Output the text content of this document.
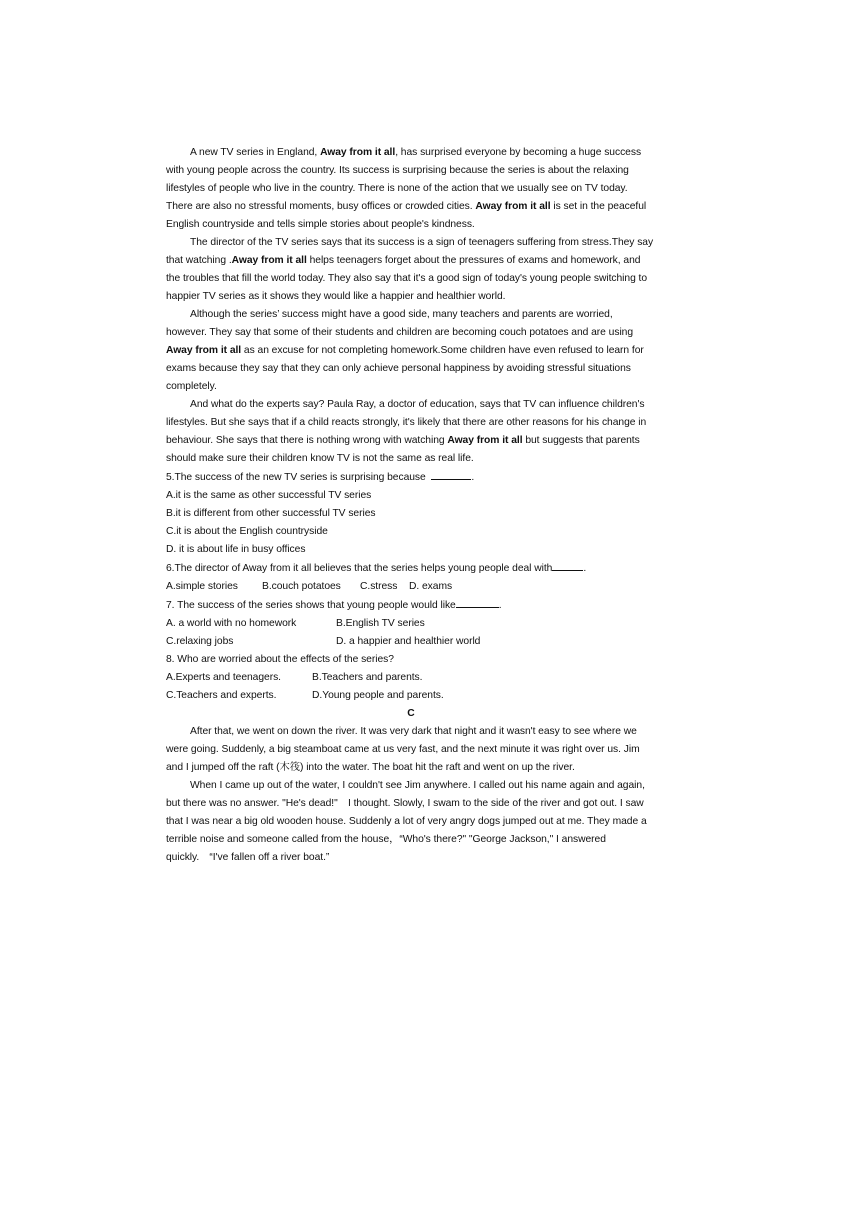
A new TV series in England, Away from it all, has surprised everyone by becoming a huge success with young people across the country. Its success is surprising because the series is about the relaxing lifestyles of people who live in the country. There is none of the action that we usually see on TV today. There are also no stressful moments, busy offices or crowded cities. Away from it all is set in the peaceful English countryside and tells simple stories about people's kindness.

The director of the TV series says that its success is a sign of teenagers suffering from stress.They say that watching .Away from it all helps teenagers forget about the pressures of exams and homework, and the troubles that fill the world today. They also say that it's a good sign of today's young people switching to happier TV series as it shows they would like a happier and healthier world.

Although the series’ success might have a good side, many teachers and parents are worried, however. They say that some of their students and children are becoming couch potatoes and are using Away from it all as an excuse for not completing homework.Some children have even refused to learn for exams because they say that they can only achieve personal happiness by avoiding stressful situations completely.

And what do the experts say? Paula Ray, a doctor of education, says that TV can influence children's lifestyles. But she says that if a child reacts strongly, it's likely that there are other reasons for his change in behaviour. She says that there is nothing wrong with watching Away from it all but suggests that parents should make sure their children know TV is not the same as real life.

5.The success of the new TV series is surprising because	.

A.it is the same as other successful TV series

B.it is different from other successful TV series

C.it is about the English countryside

D. it is about life in busy offices

6.The director of Away from it all believes that the series helps young people deal with	.

A.simple stories B.couch potatoes C.stress D. exams

7. The success of the series shows that young people would like	.

A. a world with no homework	B.English TV series
C.relaxing jobs	D. a happier and healthier world

8. Who are worried about the effects of the series?

A.Experts and teenagers.	B.Teachers and parents.
C.Teachers and experts.	D.Young people and parents.

C

After that, we went on down the river. It was very dark that night and it wasn't easy to see where we were going. Suddenly, a big steamboat came at us very fast, and the next minute it was right over us. Jim and I jumped off the raft (木筏) into the water. The boat hit the raft and went on up the river.

When I came up out of the water, I couldn't see Jim anywhere. I called out his name again and again, but there was no answer. "He's dead!"　I thought. Slowly, I swam to the side of the river and got out. I saw that I was near a big old wooden house. Suddenly a lot of very angry dogs jumped out at me. They made a terrible noise and someone called from the house，“Who's there?" "George Jackson," I answered quickly.　“I've fallen off a river boat.”
